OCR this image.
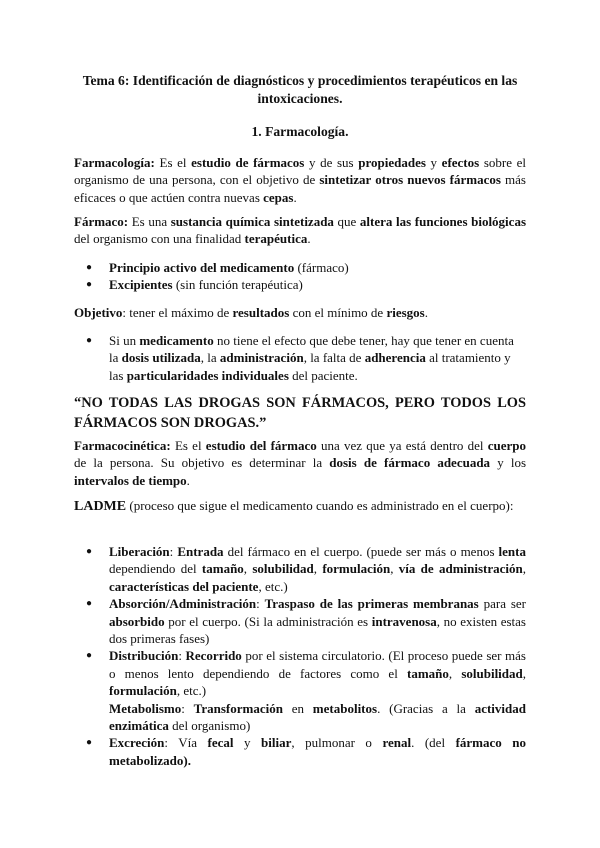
Tema 6: Identificación de diagnósticos y procedimientos terapéuticos en las intoxicaciones.
1. Farmacología.

Farmacología: Es el estudio de fármacos y de sus propiedades y efectos sobre el organismo de una persona, con el objetivo de sintetizar otros nuevos fármacos más eficaces o que actúen contra nuevas cepas.

Fármaco: Es una sustancia química sintetizada que altera las funciones biológicas del organismo con una finalidad terapéutica.

● Principio activo del medicamento (fármaco)
● Excipientes (sin función terapéutica)

Objetivo: tener el máximo de resultados con el mínimo de riesgos.

● Si un medicamento no tiene el efecto que debe tener, hay que tener en cuenta la dosis utilizada, la administración, la falta de adherencia al tratamiento y las particularidades individuales del paciente.

“NO TODAS LAS DROGAS SON FÁRMACOS, PERO TODOS LOS FÁRMACOS SON DROGAS.”

Farmacocinética: Es el estudio del fármaco una vez que ya está dentro del cuerpo de la persona. Su objetivo es determinar la dosis de fármaco adecuada y los intervalos de tiempo.

LADME (proceso que sigue el medicamento cuando es administrado en el cuerpo):

● Liberación: Entrada del fármaco en el cuerpo. (puede ser más o menos lenta dependiendo del tamaño, solubilidad, formulación, vía de administración, características del paciente, etc.)
● Absorción/Administración: Traspaso de las primeras membranas para ser absorbido por el cuerpo. (Si la administración es intravenosa, no existen estas dos primeras fases)
● Distribución: Recorrido por el sistema circulatorio. (El proceso puede ser más o menos lento dependiendo de factores como el tamaño, solubilidad, formulación, etc.)
Metabolismo: Transformación en metabolitos. (Gracias a la actividad enzimática del organismo)
● Excreción: Vía fecal y biliar, pulmonar o renal. (del fármaco no metabolizado).
